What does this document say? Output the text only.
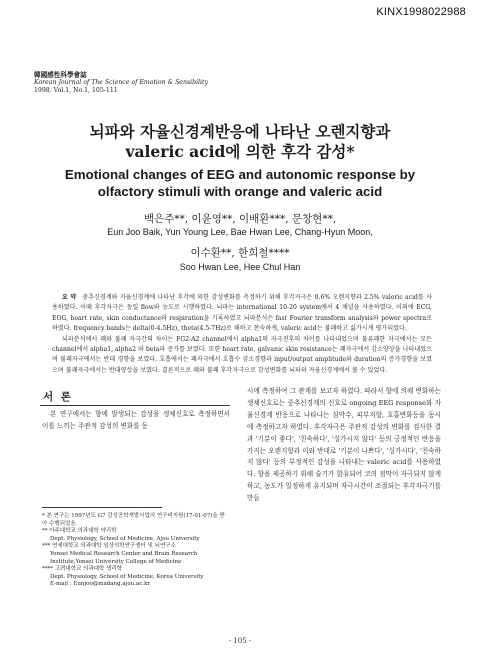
KINX1998022988
韓國感性科學會誌
Korean Journal of The Science of Emotion & Sensibility
1998. Vol.1, No.1, 105-111
뇌파와 자율신경계반응에 나타난 오렌지향과
valeric acid에 의한 후각 감성*
Emotional changes of EEG and autonomic response by
olfactory stimuli with orange and valeric acid
백은주**, 이윤영**, 이배환***, 문창현**,
Eun Joo Baik, Yun Young Lee, Bae Hwan Lee, Chang-Hyun Moon,
이수환**, 한희철****
Soo Hwan Lee, Hee Chul Han

요 약 중추신경계와 자율신경계에 나타난 후각에 의한 감성변화를 측정하기 위해 후각자극은 0.6% 오렌지향과 2.5% valeric acid를 사용하였다. 이때 후각자극은 동일 flow와 농도로 시행하였다. 뇌파는 international 10-20 system에서 4 채널을 사용하였다. 이외에 ECG, EOG, heart rate, skin conductance와 respiration을 기록하였고 뇌파분석은 fast Fourier transform analysis와 power spectra로 하였다. frequency bands는 delta(0-4.5Hz), theta(4.5-7Hz)로 해하고 찬숙하게, valeric acid는 불쾌하고 싫가시게 평가되었다.

뇌파분석에서 쾌와 불쾌 자극간의 차이는 FG2-A2 channel에서 alpha1의 자극전후의 차이를 나타내었으며 불유쾌한 자극에서는 모든 channel에서 alpha1, alpha2 와 beta파 증가를 보였다. 또한 heart rate, galvanic skin resistance는 쾌자극에서 감소양상을 나타내었으며 불쾌자극에서는 반대 경향을 보였다. 호흡에서는 쾌자극에서 호흡수 감소경향과 input/output amplitude와 duration의 증가경향을 보였으며 불쾌자극에서는 반대양상을 보였다. 결론적으로 쾌와 불쾌 후각자극으로 감성변화를 뇌파와 자율신경계에서 볼 수 있었다.

서 론

본 연구에서는 향에 발생되는 감성을 생체신호로 측정하면서 이를 느끼는 주관적 감성의 변화를 동

시에 측정하여 그 관계를 보고자 하였다. 따라서 향에 의해 변화하는 생체신호로는 중추신경계의 신호로 ongoing EEG response와 자율신경계 반응으로 나타나는 심박수, 피부저항, 호흡변화등을 동시에 측정하고자 하였다. 후각자극은 주관적 감성의 변화를 검사한 결과 '기분이 좋다', '친숙하다', '싱가시지 않다' 등의 긍정적인 반응을 가지는 오렌지향과 이와 반대로 '기분이 나쁘다', '싱가시다', '친숙하지 않다' 등의 부정적인 감성을 나타내는 valeric acid를 사용하였다. 향을 제공하기 위해 술기가 함유되어 코의 점막이 자극되지 않게 하고, 농도가 일정하게 유지되며 자극시간이 조절되는 후각자극기를 만들

* 본 연구는 1997년도 G7 감성공학개발사업의 연구비지원(17-01-07)을 받아 수행되었음.
** 아주대학교 의과대학 약리학
Dept. Physiology, School of Medicine, Ajou University
*** 연세대학교 의과대학 임상의학연구센터 및 뇌연구소
Yonsei Medical Research Center and Brain Research Institute,Yonsei University College of Medicine
**** 고려대학교 의과대학 생리학
Dept. Physiology, School of Medicine, Korea University
E-mail : Eunjoo@madang.ajou.ac.kr
- 105 -
